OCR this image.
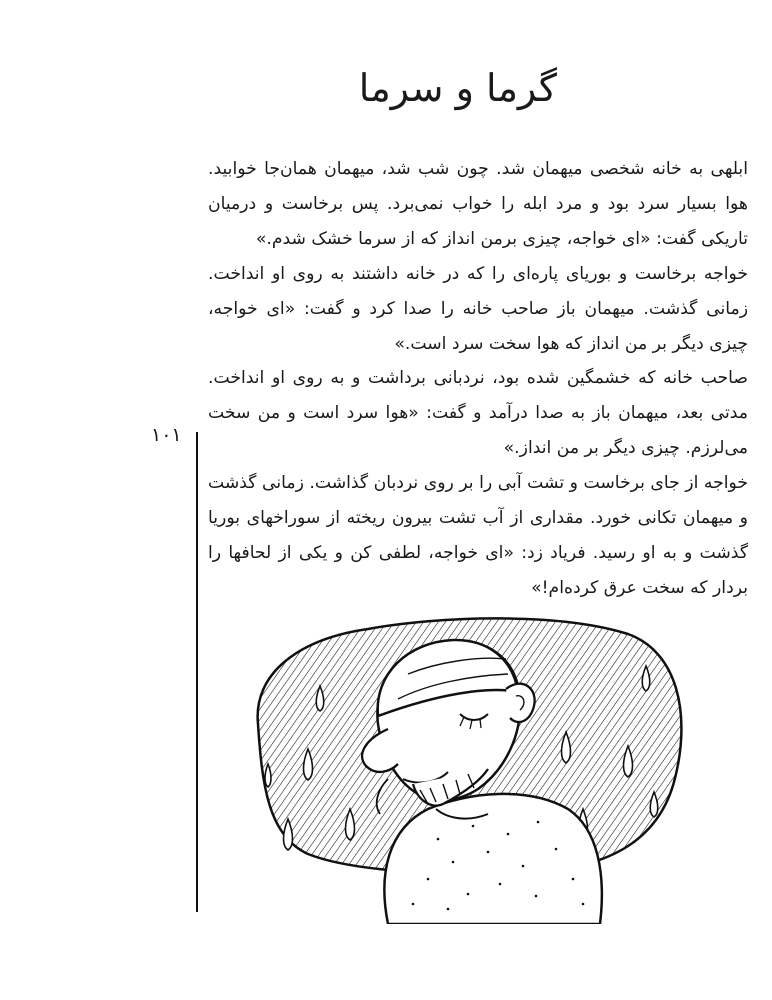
گرما و سرما
۱۰۱

ابلهی به خانه شخصی میهمان شد. چون شب شد، میهمان همان‌جا خوابید. هوا بسیار سرد بود و مرد ابله را خواب نمی‌برد. پس برخاست و درمیان تاریکی گفت: «ای خواجه، چیزی برمن انداز که از سرما خشک شدم.»

خواجه برخاست و بوریای پاره‌ای را که در خانه داشتند به روی او انداخت. زمانی گذشت. میهمان باز صاحب خانه را صدا کرد و گفت: «ای خواجه، چیزی دیگر بر من انداز که هوا سخت سرد است.»

صاحب خانه که خشمگین شده بود، نردبانی برداشت و به روی او انداخت. مدتی بعد، میهمان باز به صدا درآمد و گفت: «هوا سرد است و من سخت می‌لرزم. چیزی دیگر بر من انداز.»

خواجه از جای برخاست و تشت آبی را بر روی نردبان گذاشت. زمانی گذشت و میهمان تکانی خورد. مقداری از آب تشت بیرون ریخته از سوراخهای بوریا گذشت و به او رسید. فریاد زد: «ای خواجه، لطفی کن و یکی از لحافها را بردار که سخت عرق کرده‌ام!»
